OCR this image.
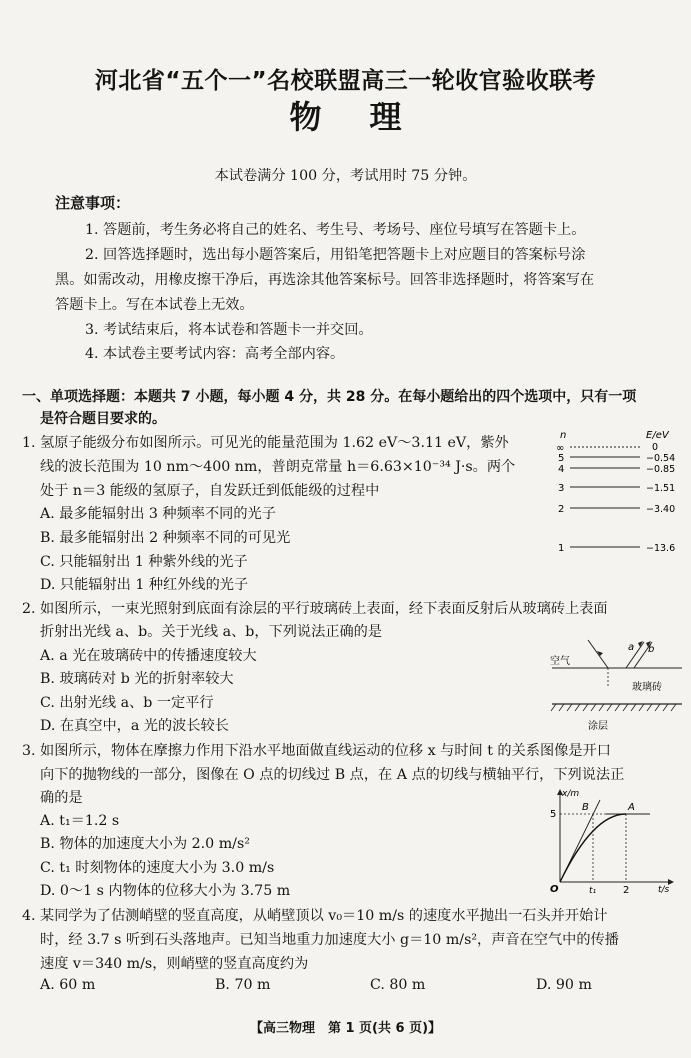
河北省“五个一”名校联盟高三一轮收官验收联考
物理
本试卷满分 100 分，考试用时 75 分钟。
注意事项：
1. 答题前，考生务必将自己的姓名、考生号、考场号、座位号填写在答题卡上。
2. 回答选择题时，选出每小题答案后，用铅笔把答题卡上对应题目的答案标号涂
黑。如需改动，用橡皮擦干净后，再选涂其他答案标号。回答非选择题时，将答案写在
答题卡上。写在本试卷上无效。
3. 考试结束后，将本试卷和答题卡一并交回。
4. 本试卷主要考试内容：高考全部内容。
一、单项选择题：本题共 7 小题，每小题 4 分，共 28 分。在每小题给出的四个选项中，只有一项
是符合题目要求的。
1. 氢原子能级分布如图所示。可见光的能量范围为 1.62 eV～3.11 eV，紫外
线的波长范围为 10 nm～400 nm，普朗克常量 h＝6.63×10⁻³⁴ J·s。两个
处于 n＝3 能级的氢原子，自发跃迁到低能级的过程中
A. 最多能辐射出 3 种频率不同的光子
B. 最多能辐射出 2 种频率不同的可见光
C. 只能辐射出 1 种紫外线的光子
D. 只能辐射出 1 种红外线的光子
n	E/eV
∞	0
5	−0.54
4	−0.85
3	−1.51
2	−3.40
1	−13.6
2. 如图所示，一束光照射到底面有涂层的平行玻璃砖上表面，经下表面反射后从玻璃砖上表面
折射出光线 a、b。关于光线 a、b，下列说法正确的是
A. a 光在玻璃砖中的传播速度较大
B. 玻璃砖对 b 光的折射率较大
C. 出射光线 a、b 一定平行
D. 在真空中，a 光的波长较长
空气
a b
玻璃砖
涂层
3. 如图所示，物体在摩擦力作用下沿水平地面做直线运动的位移 x 与时间 t 的关系图像是开口
向下的抛物线的一部分，图像在 O 点的切线过 B 点，在 A 点的切线与横轴平行，下列说法正
确的是
A. t₁＝1.2 s
B. 物体的加速度大小为 2.0 m/s²
C. t₁ 时刻物体的速度大小为 3.0 m/s
D. 0～1 s 内物体的位移大小为 3.75 m
x/m
t/s
O
5
t₁	2
B	A
4. 某同学为了估测峭壁的竖直高度，从峭壁顶以 v₀＝10 m/s 的速度水平抛出一石头并开始计
时，经 3.7 s 听到石头落地声。已知当地重力加速度大小 g＝10 m/s²，声音在空气中的传播
速度 v＝340 m/s，则峭壁的竖直高度约为
A. 60 m	B. 70 m	C. 80 m	D. 90 m
【高三物理　第 1 页(共 6 页)】
